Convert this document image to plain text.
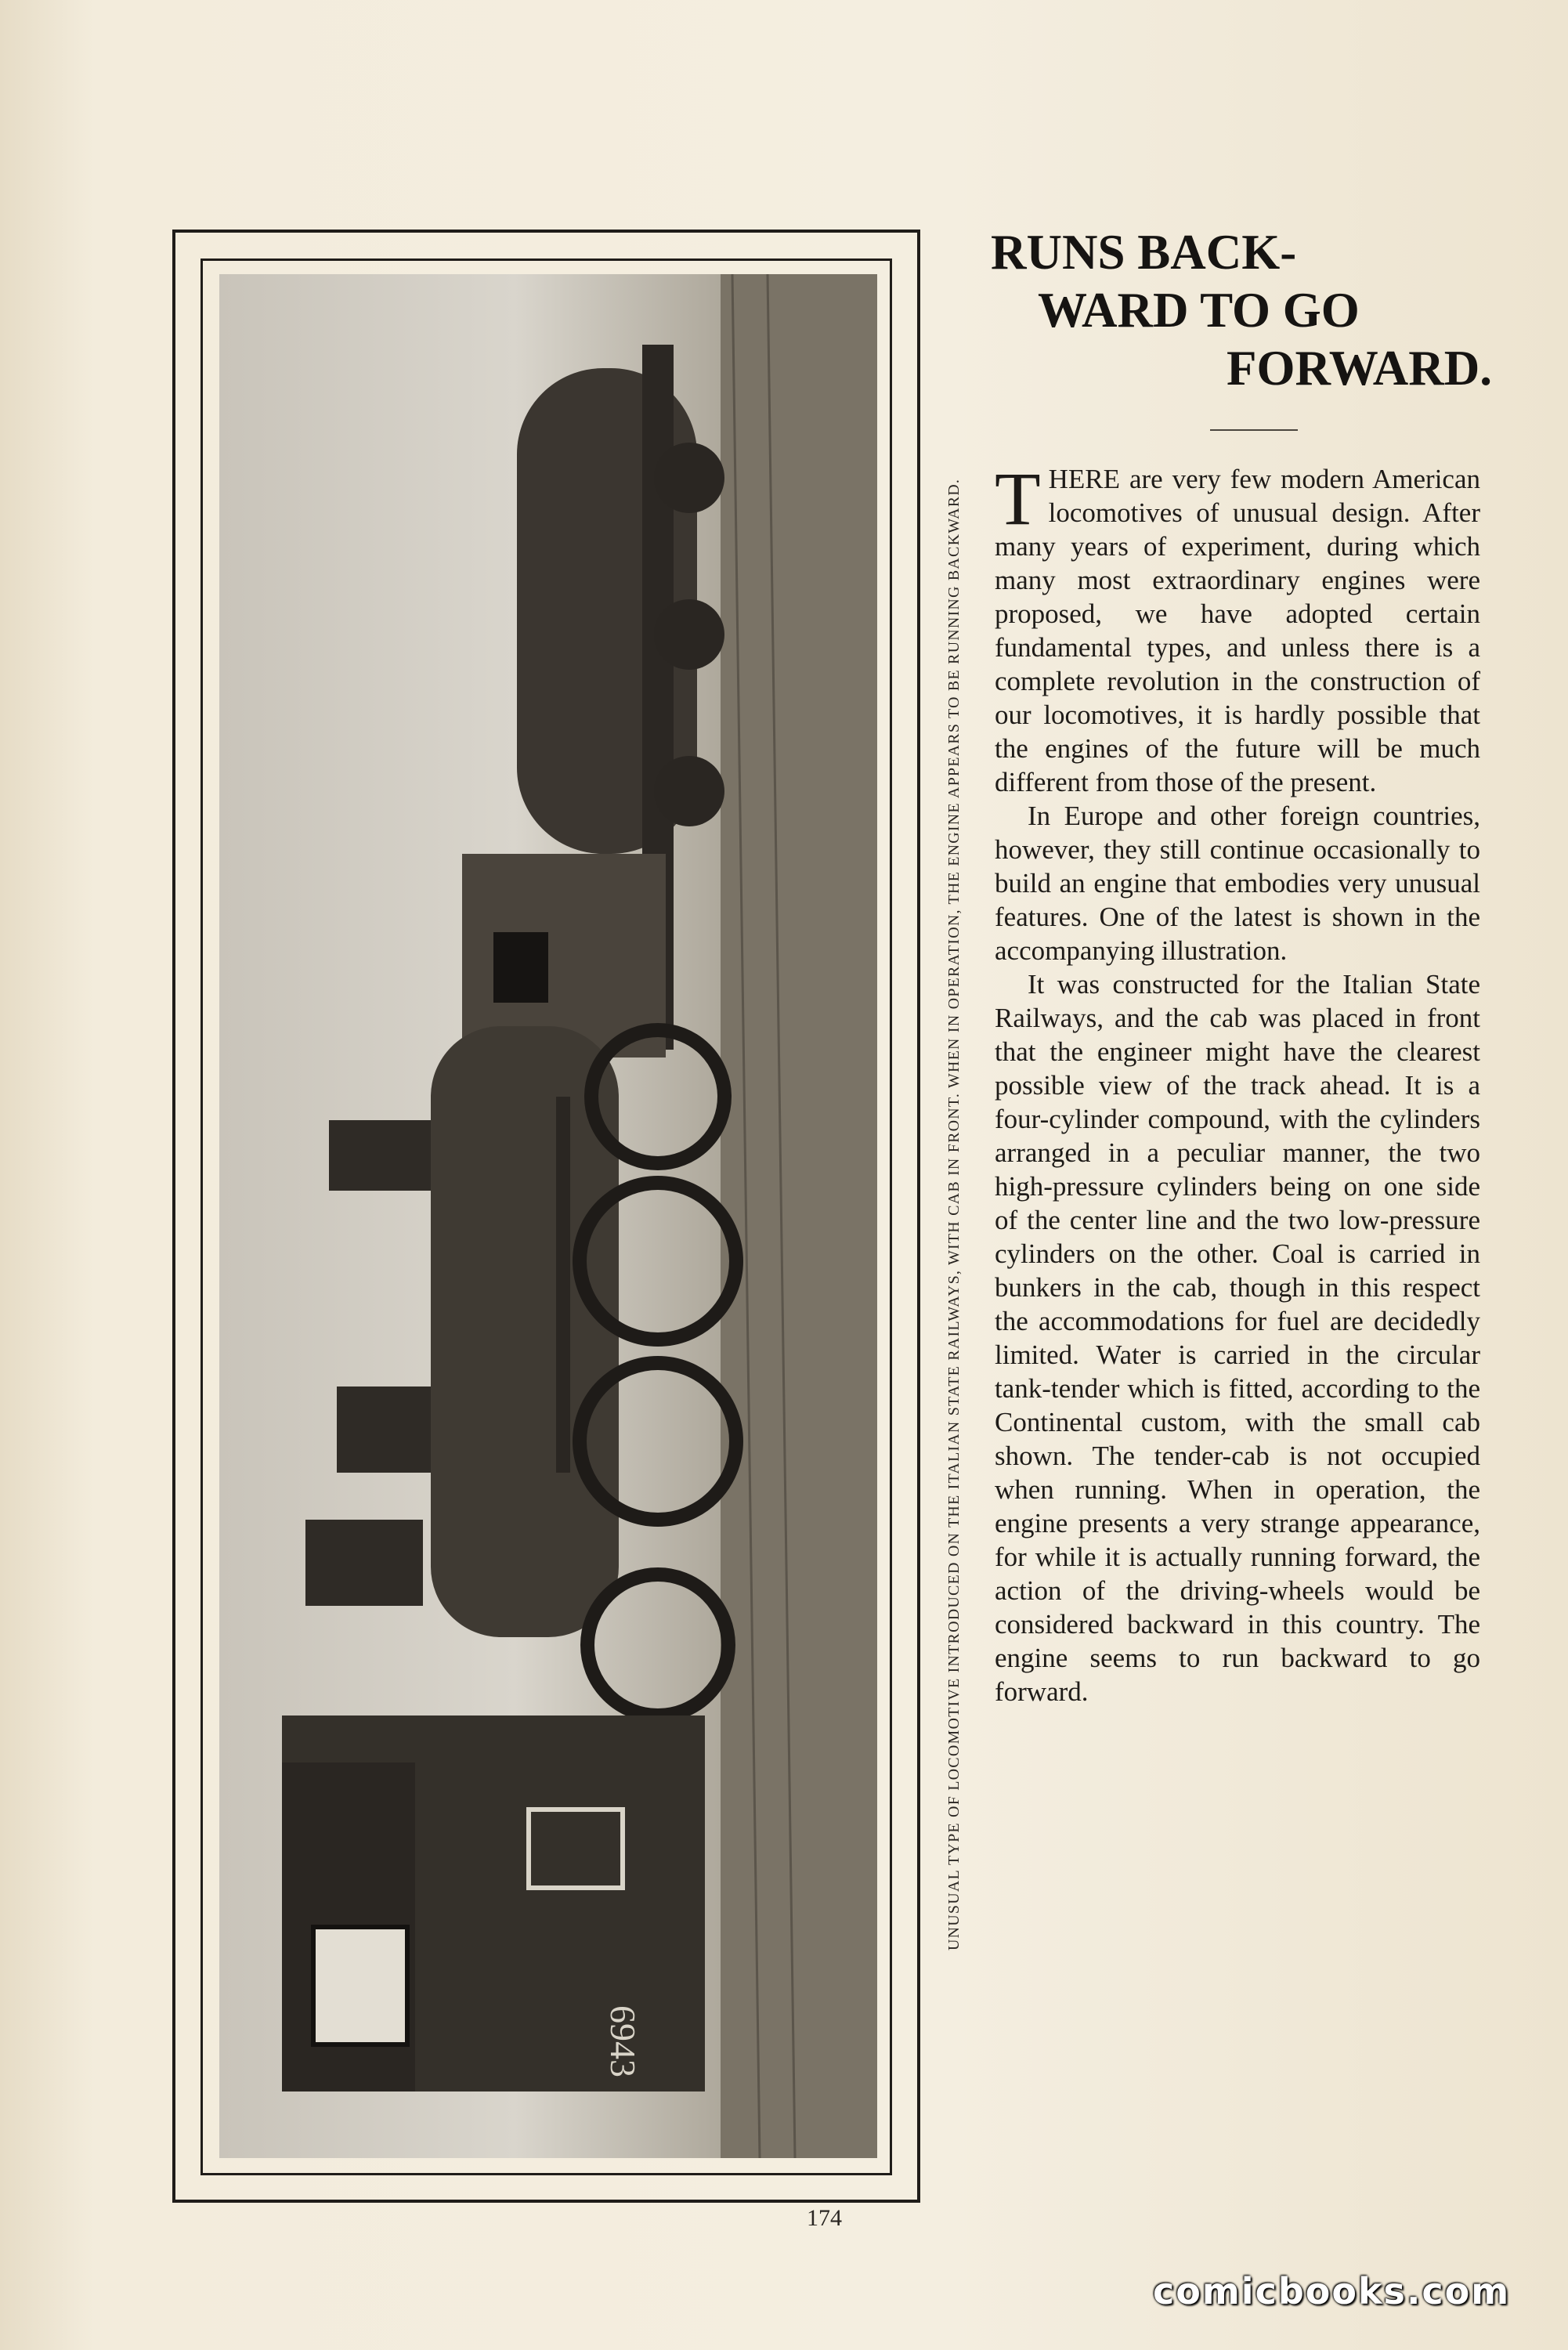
6943
UNUSUAL TYPE OF LOCOMOTIVE INTRODUCED ON THE ITALIAN STATE RAILWAYS, WITH CAB IN FRONT. WHEN IN OPERATION, THE ENGINE APPEARS TO BE RUNNING BACKWARD.
RUNS BACK-
WARD TO GO
FORWARD.

THERE are very few modern American locomotives of unusual design. After many years of experiment, during which many most extraordinary engines were proposed, we have adopted certain fundamental types, and unless there is a complete revolution in the construction of our locomotives, it is hardly possible that the engines of the future will be much different from those of the present.

In Europe and other foreign countries, however, they still continue occasionally to build an engine that embodies very unusual features. One of the latest is shown in the accompanying illustration.

It was constructed for the Italian State Railways, and the cab was placed in front that the engineer might have the clearest possible view of the track ahead. It is a four-cylinder compound, with the cylinders arranged in a peculiar manner, the two high-pressure cylinders being on one side of the center line and the two low-pressure cylinders on the other. Coal is carried in bunkers in the cab, though in this respect the accommodations for fuel are decidedly limited. Water is carried in the circular tank-tender which is fitted, according to the Continental custom, with the small cab shown. The tender-cab is not occupied when running. When in operation, the engine presents a very strange appearance, for while it is actually running forward, the action of the driving-wheels would be considered backward in this country. The engine seems to run backward to go forward.

174
comicbooks.com
